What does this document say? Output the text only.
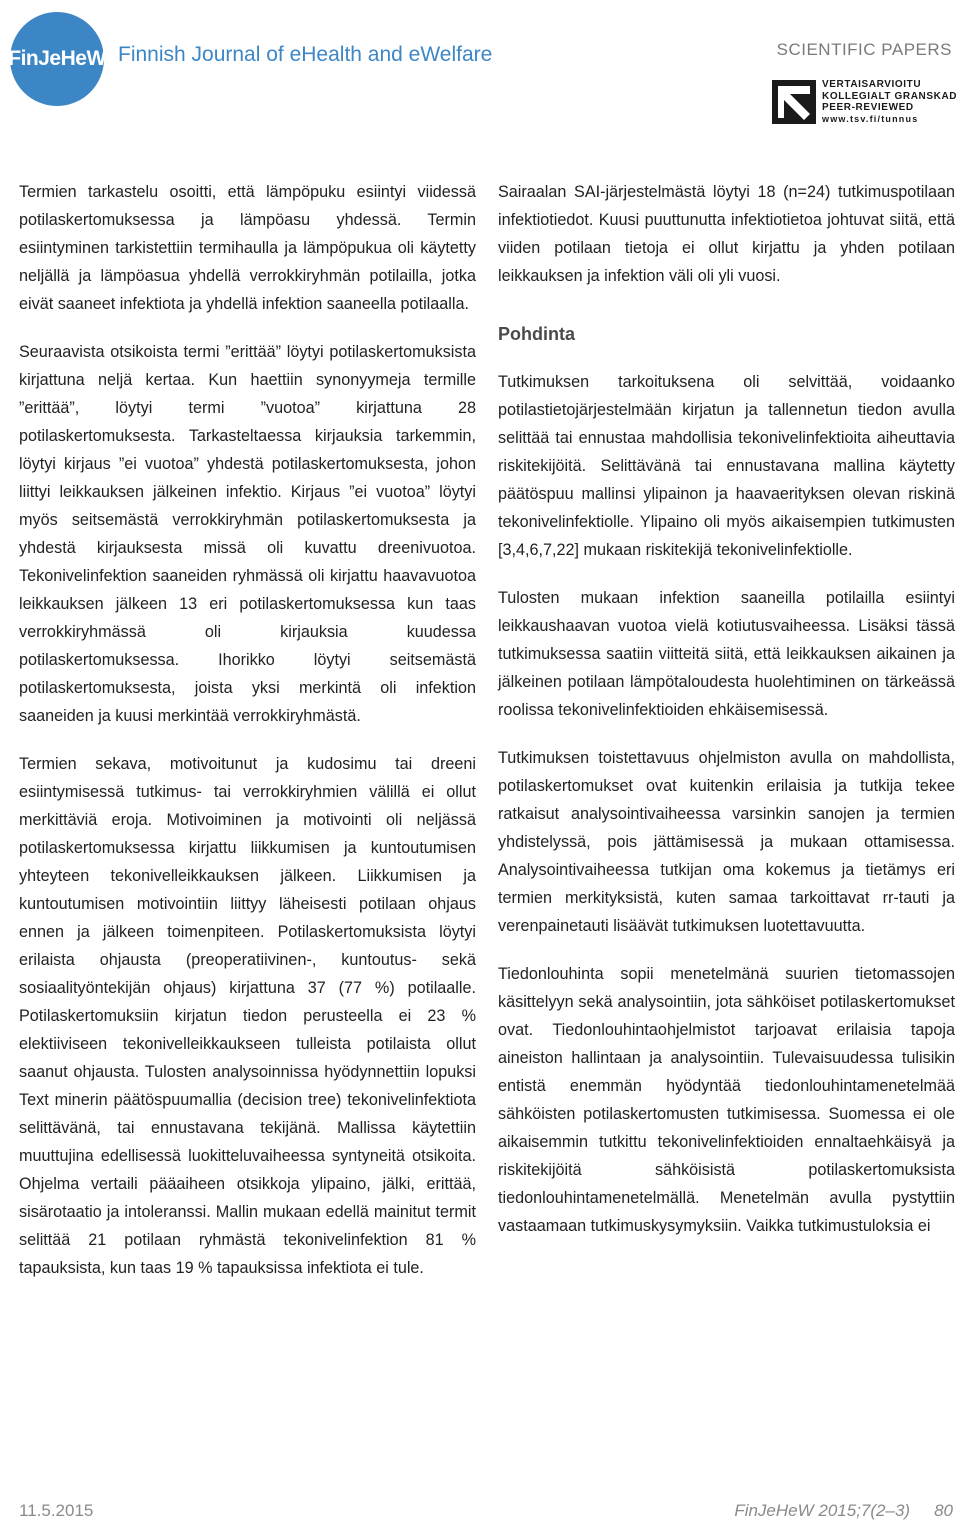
FinJeHeW Finnish Journal of eHealth and eWelfare	SCIENTIFIC PAPERS
VERTAISARVIOITU
KOLLEGIALT GRANSKAD
PEER-REVIEWED
www.tsv.fi/tunnus

Termien tarkastelu osoitti, että lämpöpuku esiintyi viidessä potilaskertomuksessa ja lämpöasu yhdessä. Termin esiintyminen tarkistettiin termihaulla ja lämpöpukua oli käytetty neljällä ja lämpöasua yhdellä verrokkiryhmän potilailla, jotka eivät saaneet infektiota ja yhdellä infektion saaneella potilaalla.

Seuraavista otsikoista termi ”erittää” löytyi potilaskertomuksista kirjattuna neljä kertaa. Kun haettiin synonyymeja termille ”erittää”, löytyi termi ”vuotoa” kirjattuna 28 potilaskertomuksesta. Tarkasteltaessa kirjauksia tarkemmin, löytyi kirjaus ”ei vuotoa” yhdestä potilaskertomuksesta, johon liittyi leikkauksen jälkeinen infektio. Kirjaus ”ei vuotoa” löytyi myös seitsemästä verrokkiryhmän potilaskertomuksesta ja yhdestä kirjauksesta missä oli kuvattu dreenivuotoa. Tekonivelinfektion saaneiden ryhmässä oli kirjattu haavavuotoa leikkauksen jälkeen 13 eri potilaskertomuksessa kun taas verrokkiryhmässä oli kirjauksia kuudessa potilaskertomuksessa. Ihorikko löytyi seitsemästä potilaskertomuksesta, joista yksi merkintä oli infektion saaneiden ja kuusi merkintää verrokkiryhmästä.

Termien sekava, motivoitunut ja kudosimu tai dreeni esiintymisessä tutkimus- tai verrokkiryhmien välillä ei ollut merkittäviä eroja. Motivoiminen ja motivointi oli neljässä potilaskertomuksessa kirjattu liikkumisen ja kuntoutumisen yhteyteen tekonivelleikkauksen jälkeen. Liikkumisen ja kuntoutumisen motivointiin liittyy läheisesti potilaan ohjaus ennen ja jälkeen toimenpiteen. Potilaskertomuksista löytyi erilaista ohjausta (preoperatiivinen-, kuntoutus- sekä sosiaalityöntekijän ohjaus) kirjattuna 37 (77 %) potilaalle. Potilaskertomuksiin kirjatun tiedon perusteella ei 23 % elektiiviseen tekonivelleikkaukseen tulleista potilaista ollut saanut ohjausta. Tulosten analysoinnissa hyödynnettiin lopuksi Text minerin päätöspuumallia (decision tree) tekonivelinfektiota selittävänä, tai ennustavana tekijänä. Mallissa käytettiin muuttujina edellisessä luokitteluvaiheessa syntyneitä otsikoita. Ohjelma vertaili pääaiheen otsikkoja ylipaino, jälki, erittää, sisärotaatio ja intoleranssi. Mallin mukaan edellä mainitut termit selittää 21 potilaan ryhmästä tekonivelinfektion 81 % tapauksista, kun taas 19 % tapauksissa infektiota ei tule.

Sairaalan SAI-järjestelmästä löytyi 18 (n=24) tutkimuspotilaan infektiotiedot. Kuusi puuttunutta infektiotietoa johtuvat siitä, että viiden potilaan tietoja ei ollut kirjattu ja yhden potilaan leikkauksen ja infektion väli oli yli vuosi.

Pohdinta

Tutkimuksen tarkoituksena oli selvittää, voidaanko potilastietojärjestelmään kirjatun ja tallennetun tiedon avulla selittää tai ennustaa mahdollisia tekonivelinfektioita aiheuttavia riskitekijöitä. Selittävänä tai ennustavana mallina käytetty päätöspuu mallinsi ylipainon ja haavaerityksen olevan riskinä tekonivelinfektiolle. Ylipaino oli myös aikaisempien tutkimusten [3,4,6,7,22] mukaan riskitekijä tekonivelinfektiolle.

Tulosten mukaan infektion saaneilla potilailla esiintyi leikkaushaavan vuotoa vielä kotiutusvaiheessa. Lisäksi tässä tutkimuksessa saatiin viitteitä siitä, että leikkauksen aikainen ja jälkeinen potilaan lämpötaloudesta huolehtiminen on tärkeässä roolissa tekonivelinfektioiden ehkäisemisessä.

Tutkimuksen toistettavuus ohjelmiston avulla on mahdollista, potilaskertomukset ovat kuitenkin erilaisia ja tutkija tekee ratkaisut analysointivaiheessa varsinkin sanojen ja termien yhdistelyssä, pois jättämisessä ja mukaan ottamisessa. Analysointivaiheessa tutkijan oma kokemus ja tietämys eri termien merkityksistä, kuten samaa tarkoittavat rr-tauti ja verenpainetauti lisäävät tutkimuksen luotettavuutta.

Tiedonlouhinta sopii menetelmänä suurien tietomassojen käsittelyyn sekä analysointiin, jota sähköiset potilaskertomukset ovat. Tiedonlouhintaohjelmistot tarjoavat erilaisia tapoja aineiston hallintaan ja analysointiin. Tulevaisuudessa tulisikin entistä enemmän hyödyntää tiedonlouhintamenetelmää sähköisten potilaskertomusten tutkimisessa. Suomessa ei ole aikaisemmin tutkittu tekonivelinfektioiden ennaltaehkäisyä ja riskitekijöitä sähköisistä potilaskertomuksista tiedonlouhintamenetelmällä. Menetelmän avulla pystyttiin vastaamaan tutkimuskysymyksiin. Vaikka tutkimustuloksia ei

11.5.2015	FinJeHeW 2015;7(2–3) 80
